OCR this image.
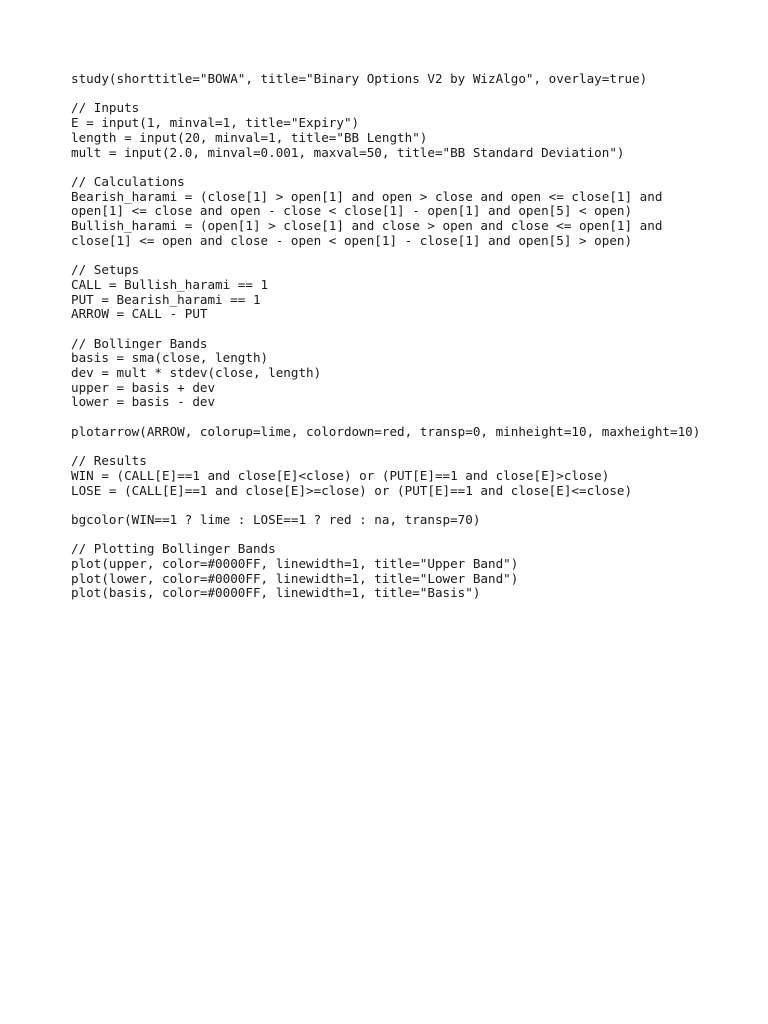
study(shorttitle="BOWA", title="Binary Options V2 by WizAlgo", overlay=true)
// Inputs
E = input(1, minval=1, title="Expiry")
length = input(20, minval=1, title="BB Length")
mult = input(2.0, minval=0.001, maxval=50, title="BB Standard Deviation")
// Calculations
Bearish_harami = (close[1] > open[1] and open > close and open <= close[1] and
open[1] <= close and open - close < close[1] - open[1] and open[5] < open)
Bullish_harami = (open[1] > close[1] and close > open and close <= open[1] and
close[1] <= open and close - open < open[1] - close[1] and open[5] > open)
// Setups
CALL = Bullish_harami == 1
PUT = Bearish_harami == 1
ARROW = CALL - PUT
// Bollinger Bands
basis = sma(close, length)
dev = mult * stdev(close, length)
upper = basis + dev
lower = basis - dev
plotarrow(ARROW, colorup=lime, colordown=red, transp=0, minheight=10, maxheight=10)
// Results
WIN = (CALL[E]==1 and close[E]<close) or (PUT[E]==1 and close[E]>close)
LOSE = (CALL[E]==1 and close[E]>=close) or (PUT[E]==1 and close[E]<=close)
bgcolor(WIN==1 ? lime : LOSE==1 ? red : na, transp=70)
// Plotting Bollinger Bands
plot(upper, color=#0000FF, linewidth=1, title="Upper Band")
plot(lower, color=#0000FF, linewidth=1, title="Lower Band")
plot(basis, color=#0000FF, linewidth=1, title="Basis")
